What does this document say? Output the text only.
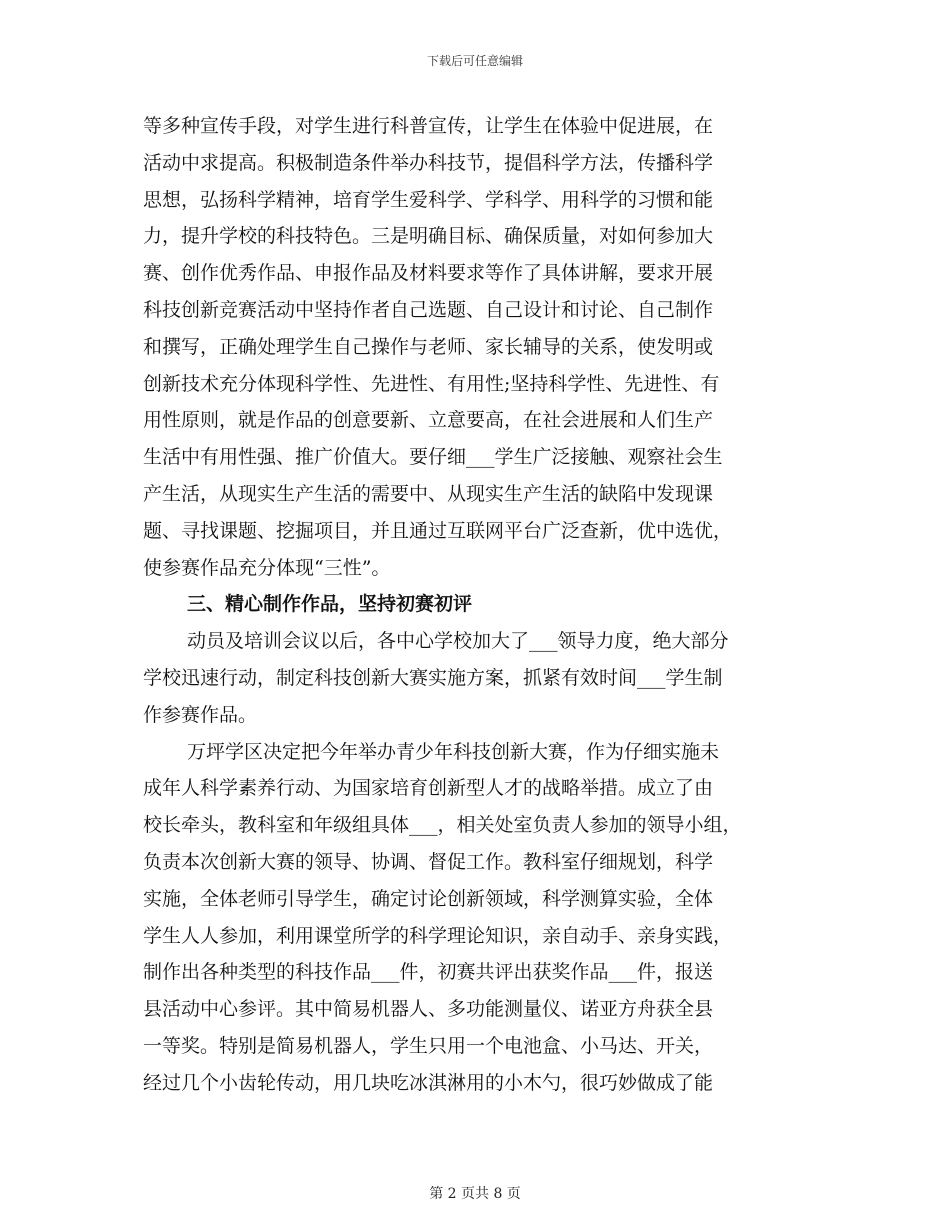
下载后可任意编辑
等多种宣传手段，对学生进行科普宣传，让学生在体验中促进展，在
活动中求提高。积极制造条件举办科技节，提倡科学方法，传播科学
思想，弘扬科学精神，培育学生爱科学、学科学、用科学的习惯和能
力，提升学校的科技特色。三是明确目标、确保质量，对如何参加大
赛、创作优秀作品、申报作品及材料要求等作了具体讲解，要求开展
科技创新竞赛活动中坚持作者自己选题、自己设计和讨论、自己制作
和撰写，正确处理学生自己操作与老师、家长辅导的关系，使发明或
创新技术充分体现科学性、先进性、有用性;坚持科学性、先进性、有
用性原则，就是作品的创意要新、立意要高，在社会进展和人们生产
生活中有用性强、推广价值大。要仔细___学生广泛接触、观察社会生
产生活，从现实生产生活的需要中、从现实生产生活的缺陷中发现课
题、寻找课题、挖掘项目，并且通过互联网平台广泛查新，优中选优，
使参赛作品充分体现“三性”。
三、精心制作作品，坚持初赛初评
动员及培训会议以后，各中心学校加大了___领导力度，绝大部分
学校迅速行动，制定科技创新大赛实施方案，抓紧有效时间___学生制
作参赛作品。
万坪学区决定把今年举办青少年科技创新大赛，作为仔细实施未
成年人科学素养行动、为国家培育创新型人才的战略举措。成立了由
校长牵头，教科室和年级组具体___，相关处室负责人参加的领导小组，
负责本次创新大赛的领导、协调、督促工作。教科室仔细规划，科学
实施，全体老师引导学生，确定讨论创新领域，科学测算实验，全体
学生人人参加，利用课堂所学的科学理论知识，亲自动手、亲身实践，
制作出各种类型的科技作品___件，初赛共评出获奖作品___件，报送
县活动中心参评。其中简易机器人、多功能测量仪、诺亚方舟获全县
一等奖。特别是简易机器人，学生只用一个电池盒、小马达、开关，
经过几个小齿轮传动，用几块吃冰淇淋用的小木勺，很巧妙做成了能
第 2 页共 8 页
